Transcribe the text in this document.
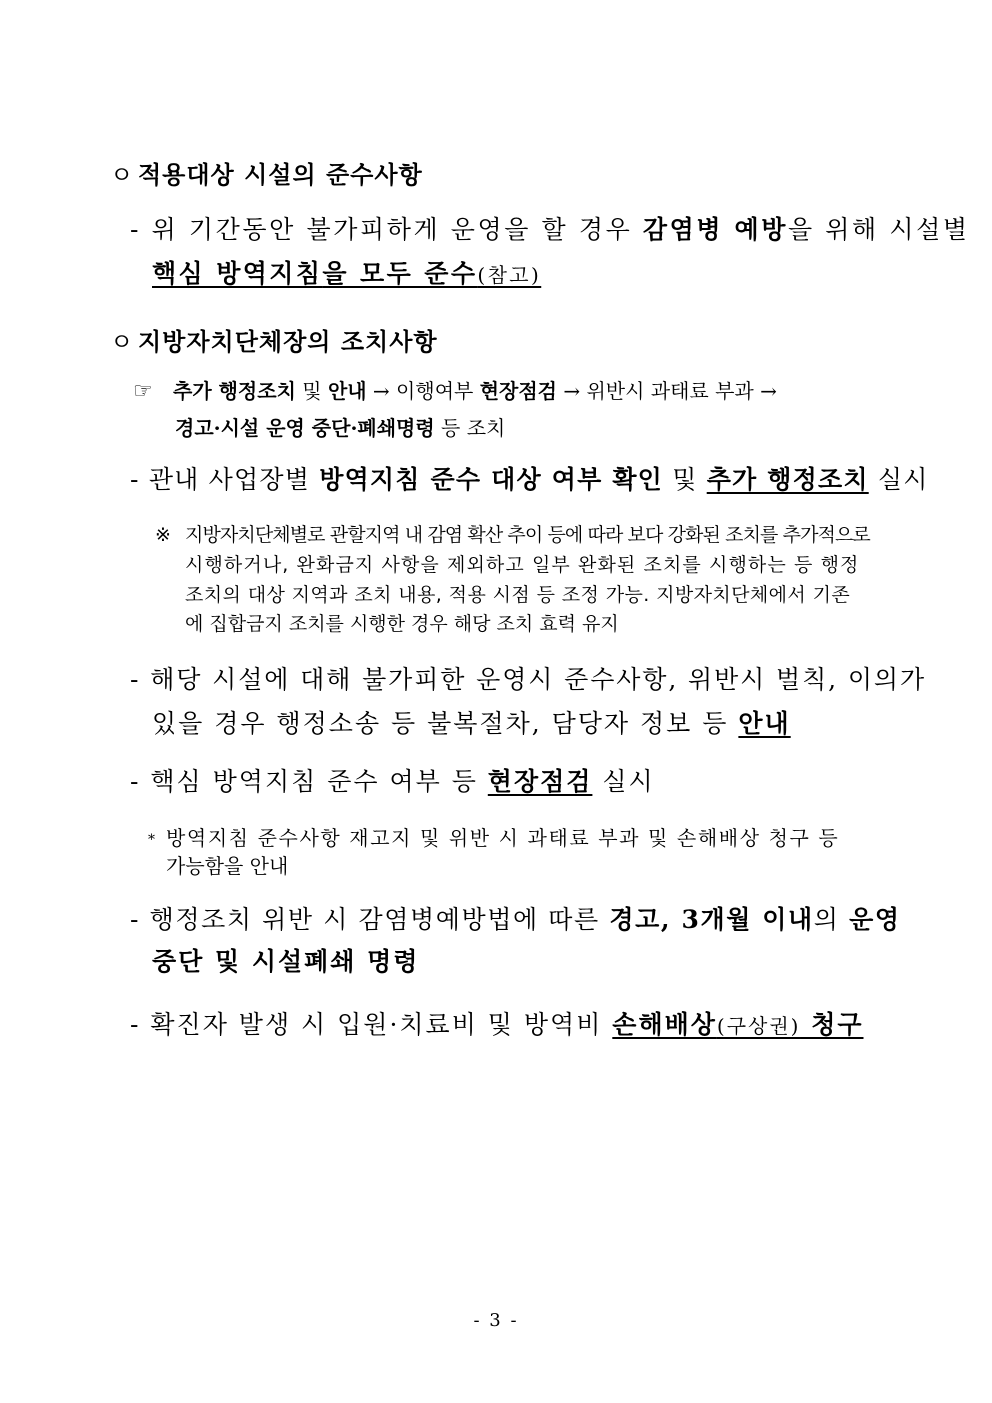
ㅇ 적용대상 시설의 준수사항
- 위 기간동안 불가피하게 운영을 할 경우 감염병 예방을 위해 시설별
핵심 방역지침을 모두 준수(참고)
ㅇ 지방자치단체장의 조치사항
☞ 추가 행정조치 및 안내 → 이행여부 현장점검 → 위반시 과태료 부과 →
경고·시설 운영 중단·폐쇄명령 등 조치
- 관내 사업장별 방역지침 준수 대상 여부 확인 및 추가 행정조치 실시
※ 지방자치단체별로 관할지역 내 감염 확산 추이 등에 따라 보다 강화된 조치를 추가적으로
시행하거나, 완화금지 사항을 제외하고 일부 완화된 조치를 시행하는 등 행정
조치의 대상 지역과 조치 내용, 적용 시점 등 조정 가능. 지방자치단체에서 기존
에 집합금지 조치를 시행한 경우 해당 조치 효력 유지
- 해당 시설에 대해 불가피한 운영시 준수사항, 위반시 벌칙, 이의가
있을 경우 행정소송 등 불복절차, 담당자 정보 등 안내
- 핵심 방역지침 준수 여부 등 현장점검 실시
* 방역지침 준수사항 재고지 및 위반 시 과태료 부과 및 손해배상 청구 등
가능함을 안내
- 행정조치 위반 시 감염병예방법에 따른 경고, 3개월 이내의 운영
중단 및 시설폐쇄 명령
- 확진자 발생 시 입원·치료비 및 방역비 손해배상(구상권) 청구
- 3 -
